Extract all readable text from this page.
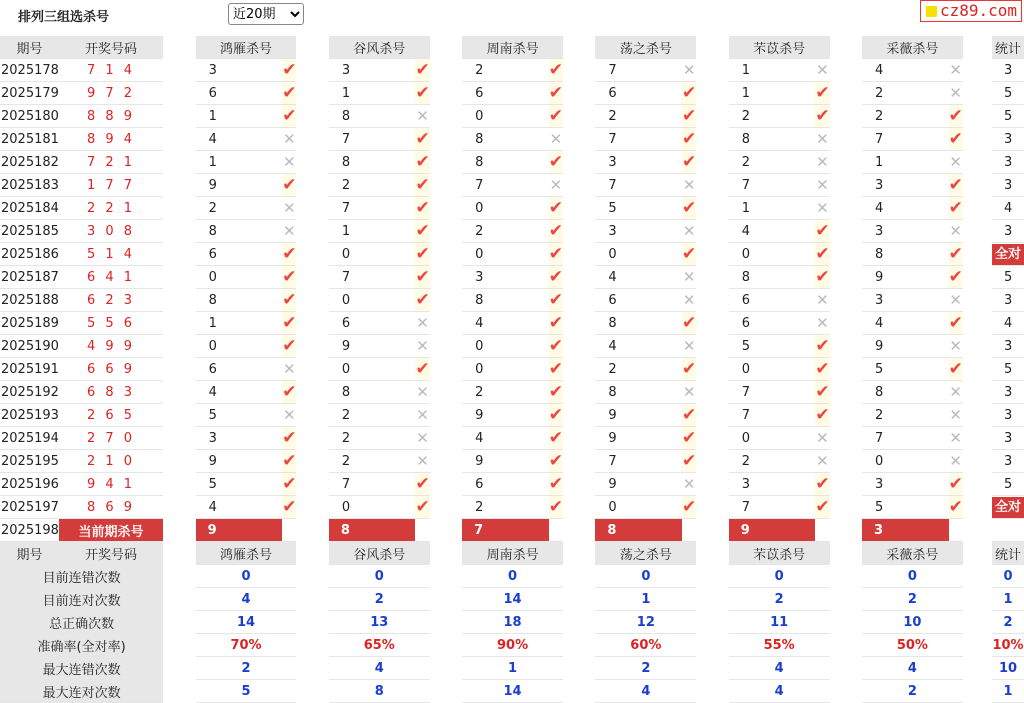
排列三组选杀号
近20期	cz89.com
期号	开奖号码		鸿雁杀号			谷风杀号			周南杀号			荡之杀号			芣苡杀号			采薇杀号			统计
2025178	7 1 4		3	✔		3	✔		2	✔		7	✕		1	✕		4	✕		3
2025179	9 7 2		6	✔		1	✔		6	✔		6	✔		1	✔		2	✕		5
2025180	8 8 9		1	✔		8	✕		0	✔		2	✔		2	✔		2	✔		5
2025181	8 9 4		4	✕		7	✔		8	✕		7	✔		8	✕		7	✔		3
2025182	7 2 1		1	✕		8	✔		8	✔		3	✔		2	✕		1	✕		3
2025183	1 7 7		9	✔		2	✔		7	✕		7	✕		7	✕		3	✔		3
2025184	2 2 1		2	✕		7	✔		0	✔		5	✔		1	✕		4	✔		4
2025185	3 0 8		8	✕		1	✔		2	✔		3	✕		4	✔		3	✕		3
2025186	5 1 4		6	✔		0	✔		0	✔		0	✔		0	✔		8	✔		全对
2025187	6 4 1		0	✔		7	✔		3	✔		4	✕		8	✔		9	✔		5
2025188	6 2 3		8	✔		0	✔		8	✔		6	✕		6	✕		3	✕		3
2025189	5 5 6		1	✔		6	✕		4	✔		8	✔		6	✕		4	✔		4
2025190	4 9 9		0	✔		9	✕		0	✔		4	✕		5	✔		9	✕		3
2025191	6 6 9		6	✕		0	✔		0	✔		2	✔		0	✔		5	✔		5
2025192	6 8 3		4	✔		8	✕		2	✔		8	✕		7	✔		8	✕		3
2025193	2 6 5		5	✕		2	✕		9	✔		9	✔		7	✔		2	✕		3
2025194	2 7 0		3	✔		2	✕		4	✔		9	✔		0	✕		7	✕		3
2025195	2 1 0		9	✔		2	✕		9	✔		7	✔		2	✕		0	✕		3
2025196	9 4 1		5	✔		7	✔		6	✔		9	✕		3	✔		3	✔		5
2025197	8 6 9		4	✔		0	✔		2	✔		0	✔		7	✔		5	✔		全对
2025198	当前期杀号		9			8			7			8			9			3			
期号	开奖号码		鸿雁杀号			谷风杀号			周南杀号			荡之杀号			芣苡杀号			采薇杀号			统计
目前连错次数			0			0			0			0			0			0			0
目前连对次数			4			2			14			1			2			2			1
总正确次数			14			13			18			12			11			10			2
准确率(全对率)			70%			65%			90%			60%			55%			50%			10%
最大连错次数			2			4			1			2			4			4			10
最大连对次数			5			8			14			4			4			2			1
